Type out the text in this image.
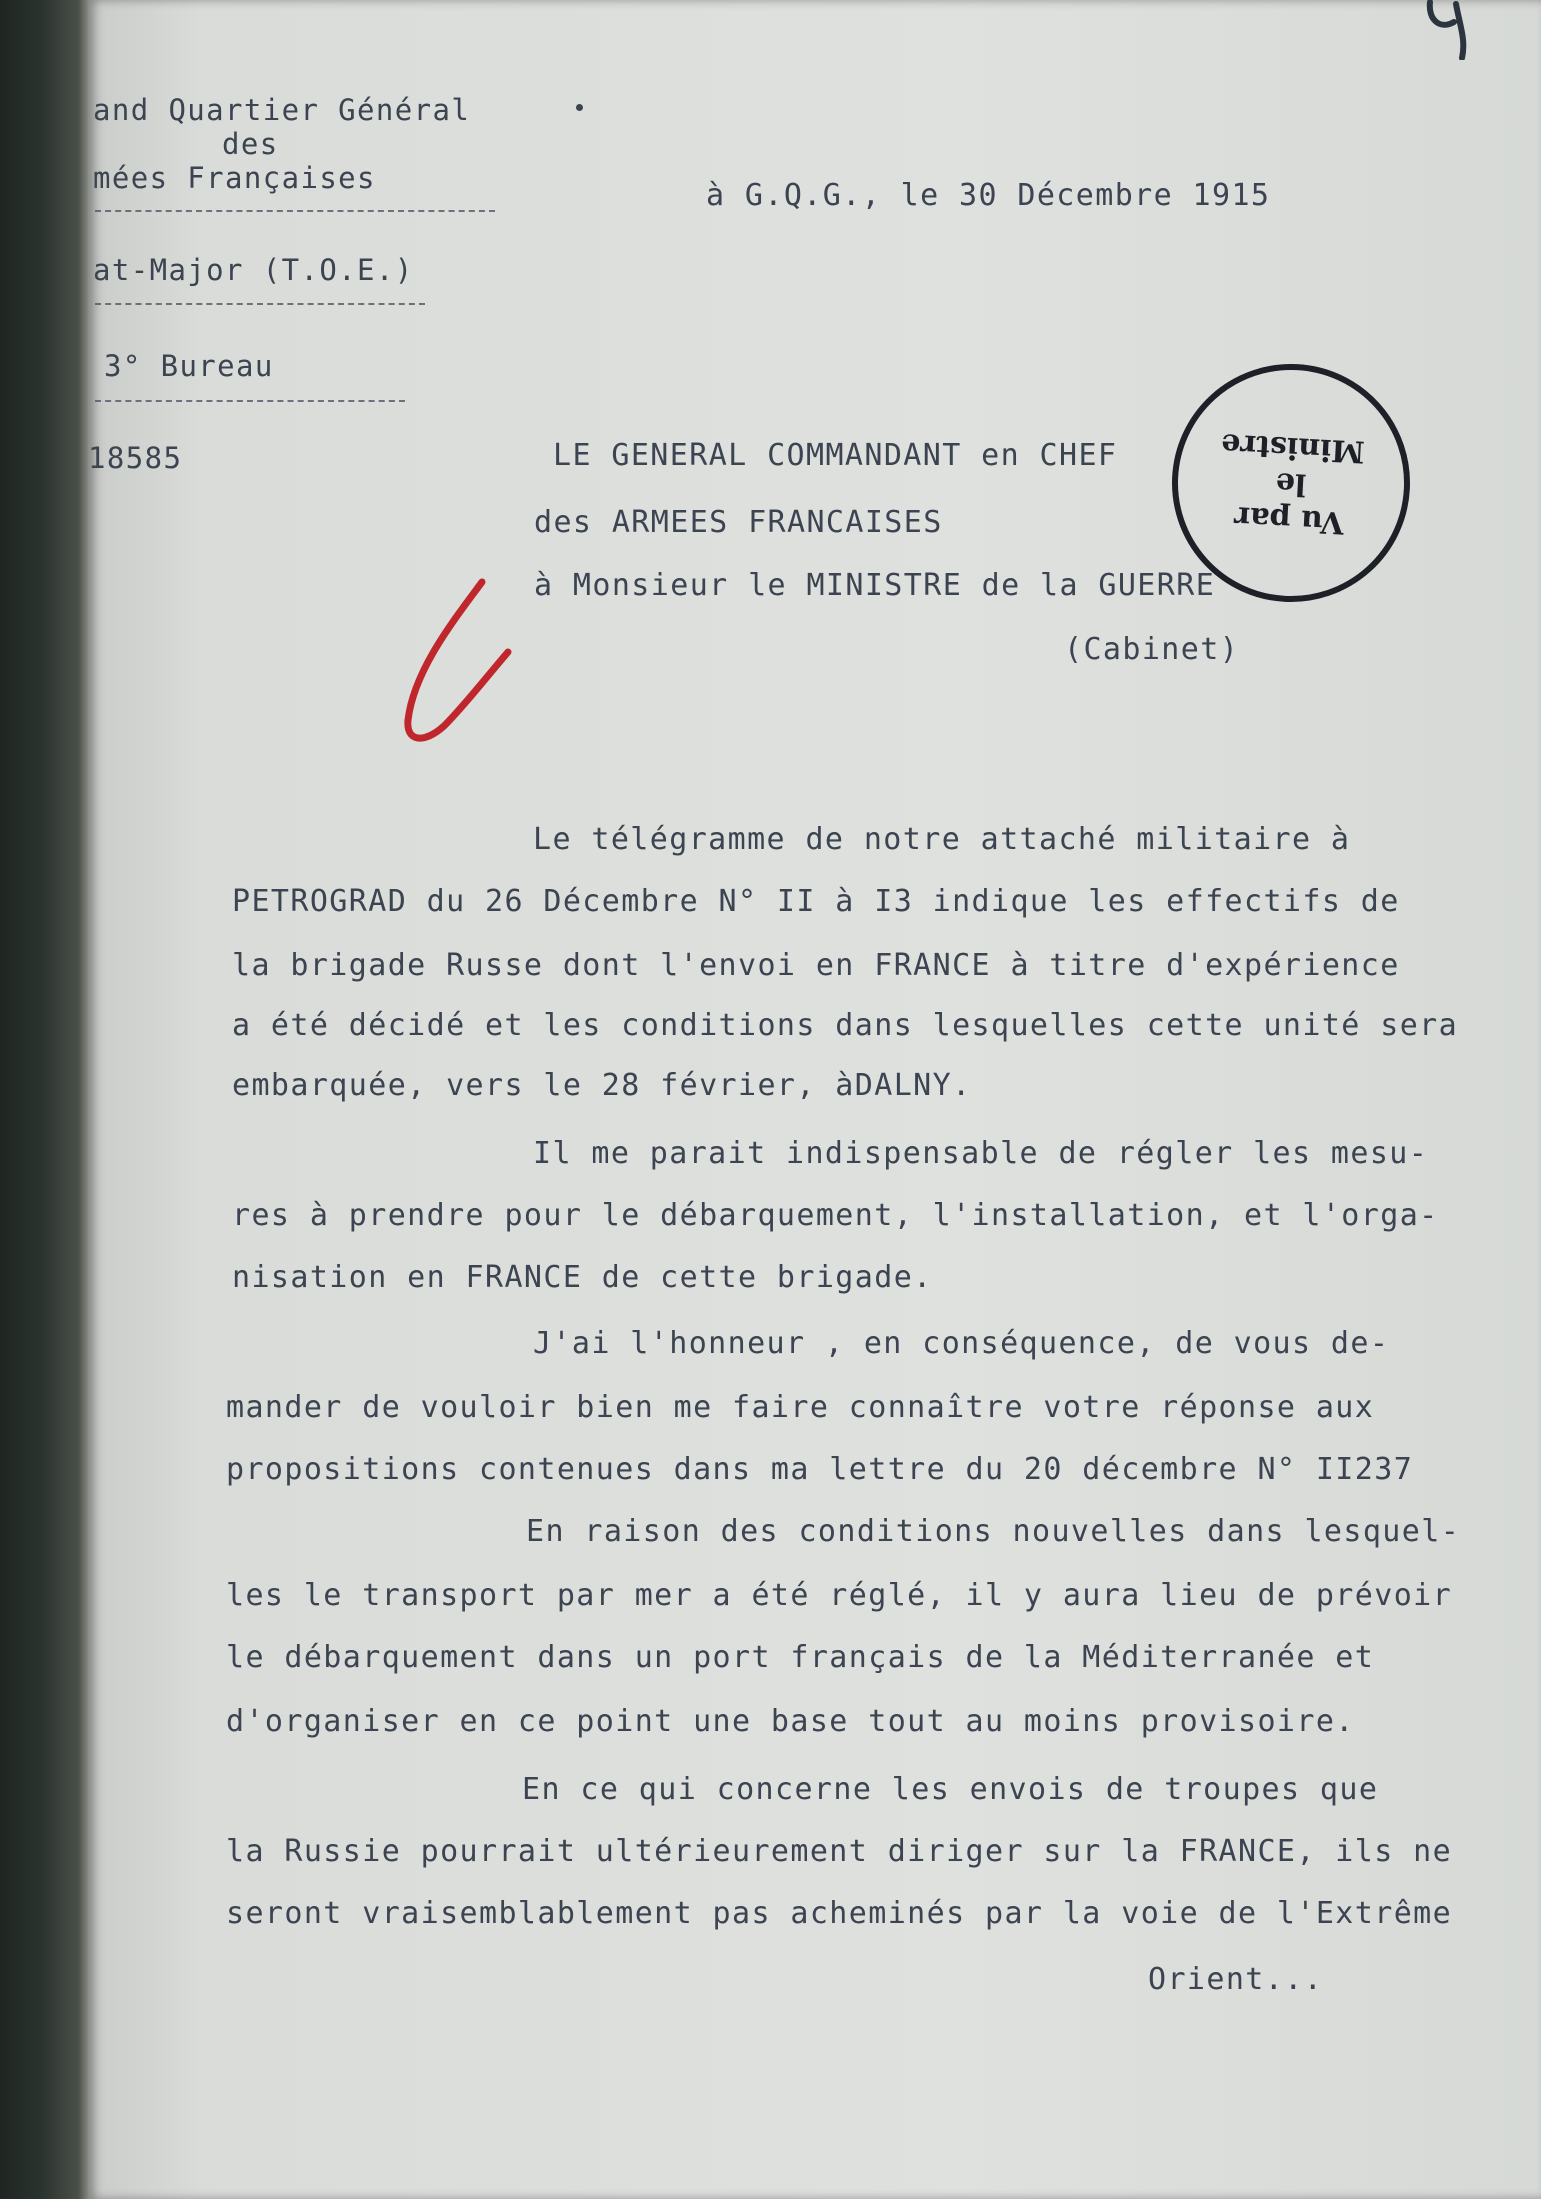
and Quartier Général
des
mées Françaises
at-Major (T.O.E.)
3° Bureau
18585
à G.Q.G., le 30 Décembre 1915
LE GENERAL COMMANDANT en CHEF
des ARMEES FRANCAISES
à Monsieur le MINISTRE de la GUERRE
(Cabinet)
Vu par
le
Ministre
Le télégramme de notre attaché militaire à
PETROGRAD du 26 Décembre N° II à I3 indique les effectifs de
la brigade Russe dont l'envoi en FRANCE à titre d'expérience
a été décidé et les conditions dans lesquelles cette unité sera
embarquée, vers le 28 février, àDALNY.
Il me parait indispensable de régler les mesu-
res à prendre pour le débarquement, l'installation, et l'orga-
nisation en FRANCE de cette brigade.
J'ai l'honneur , en conséquence, de vous de-
mander de vouloir bien me faire connaître votre réponse aux
propositions contenues dans ma lettre du 20 décembre N° II237
En raison des conditions nouvelles dans lesquel-
les le transport par mer a été réglé, il y aura lieu de prévoir
le débarquement dans un port français de la Méditerranée et
d'organiser en ce point une base tout au moins provisoire.
En ce qui concerne les envois de troupes que
la Russie pourrait ultérieurement diriger sur la FRANCE, ils ne
seront vraisemblablement pas acheminés par la voie de l'Extrême
Orient...
